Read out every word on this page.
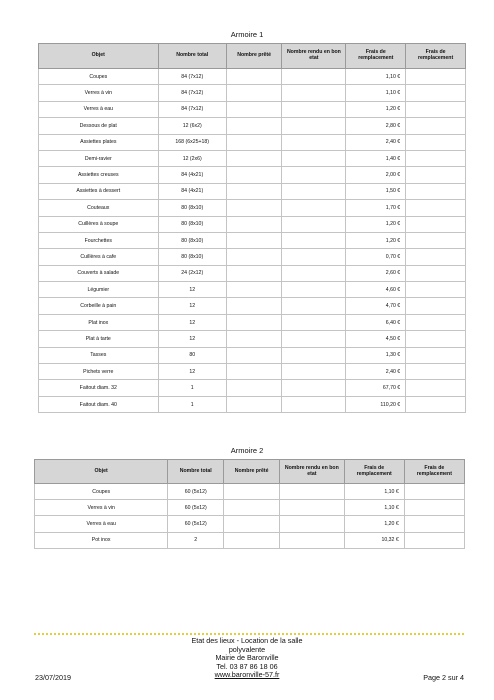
Armoire 1
Objet	Nombre total	Nombre prêté	Nombre rendu en bon etat	Frais de remplacement	Frais de remplacement
Coupes	84 (7x12)			1,10 €	
Verres à vin	84 (7x12)			1,10 €	
Verres à eau	84 (7x12)			1,20 €	
Dessous de plat	12 (6x2)			2,80 €	
Assiettes plates	168 (6x25+18)			2,40 €	
Demi-ravier	12 (2x6)			1,40 €	
Assiettes creuses	84 (4x21)			2,00 €	
Assiettes à dessert	84 (4x21)			1,50 €	
Couteaux	80 (8x10)			1,70 €	
Cuillères à soupe	80 (8x10)			1,20 €	
Fourchettes	80 (8x10)			1,20 €	
Cuillères à cafe	80 (8x10)			0,70 €	
Couverts à salade	24 (2x12)			2,60 €	
Légumier	12			4,60 €	
Corbeille à pain	12			4,70 €	
Plat inox	12			6,40 €	
Plat à tarte	12			4,50 €	
Tasses	80			1,30 €	
Pichets verre	12			2,40 €	
Faitout diam. 32	1			67,70 €	
Faitout diam. 40	1			110,20 €	
Armoire 2
Objet	Nombre total	Nombre prêté	Nombre rendu en bon etat	Frais de remplacement	Frais de remplacement
Coupes	60 (5x12)			1,10 €	
Verres à vin	60 (5x12)			1,10 €	
Verres à eau	60 (5x12)			1,20 €	
Pot inox	2			10,32 €	
Etat des lieux - Location de la salle
polyvalente
Mairie de Baronville
Tel. 03 87 86 18 06
www.baronville-57.fr
23/07/2019	Page 2 sur 4
